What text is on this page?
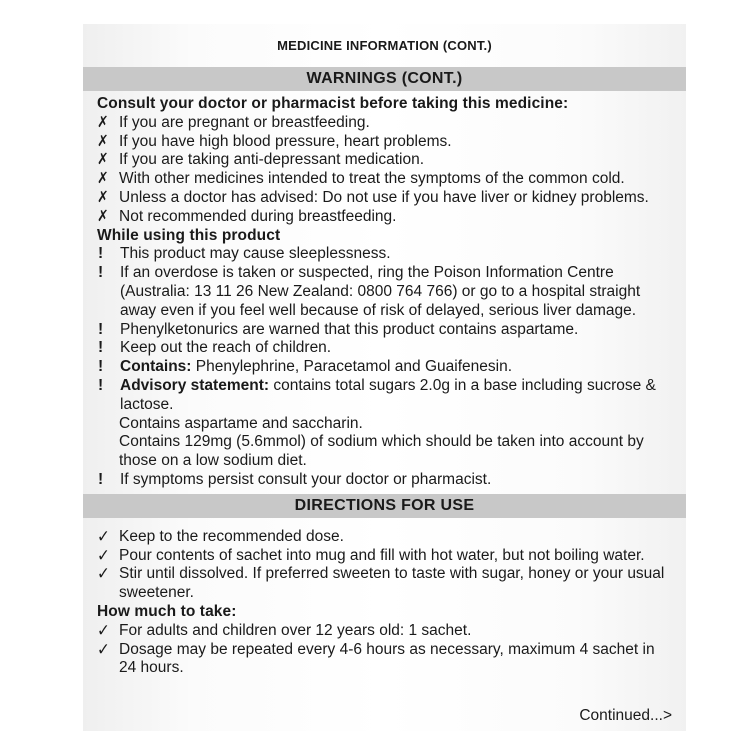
MEDICINE INFORMATION (CONT.)
WARNINGS (CONT.)
Consult your doctor or pharmacist before taking this medicine:
✗ If you are pregnant or breastfeeding.
✗ If you have high blood pressure, heart problems.
✗ If you are taking anti-depressant medication.
✗ With other medicines intended to treat the symptoms of the common cold.
✗ Unless a doctor has advised: Do not use if you have liver or kidney problems.
✗ Not recommended during breastfeeding.
While using this product
!	This product may cause sleeplessness.
!	If an overdose is taken or suspected, ring the Poison Information Centre (Australia: 13 11 26 New Zealand: 0800 764 766) or go to a hospital straight away even if you feel well because of risk of delayed, serious liver damage.
!	Phenylketonurics are warned that this product contains aspartame.
!	Keep out the reach of children.
!	Contains: Phenylephrine, Paracetamol and Guaifenesin.
!	Advisory statement: contains total sugars 2.0g in a base including sucrose & lactose.
Contains aspartame and saccharin.
Contains 129mg (5.6mmol) of sodium which should be taken into account by those on a low sodium diet.
!	If symptoms persist consult your doctor or pharmacist.
DIRECTIONS FOR USE
✓ Keep to the recommended dose.
✓ Pour contents of sachet into mug and fill with hot water, but not boiling water.
✓ Stir until dissolved. If preferred sweeten to taste with sugar, honey or your usual sweetener.
How much to take:
✓ For adults and children over 12 years old: 1 sachet.
✓ Dosage may be repeated every 4-6 hours as necessary, maximum 4 sachet in 24 hours.
Continued...>
